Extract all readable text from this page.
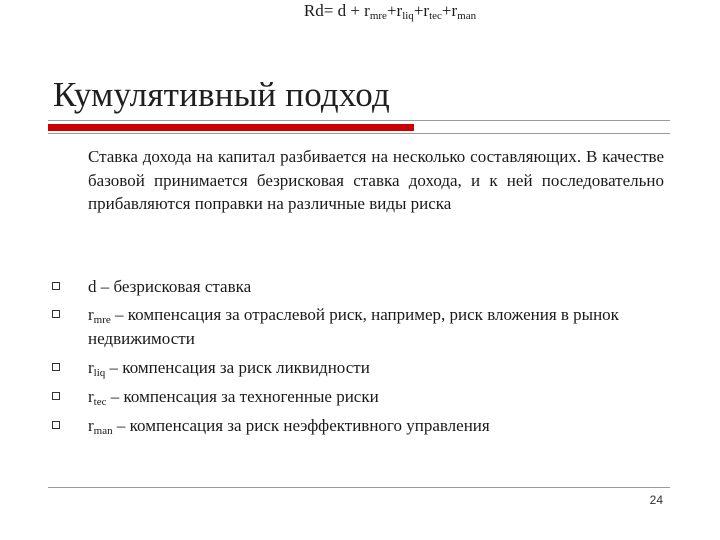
Кумулятивный подход
Ставка дохода на капитал разбивается на несколько составляющих. В качестве базовой принимается безрисковая ставка дохода, и к ней последовательно прибавляются поправки на различные виды риска
$Rd= d + r_{mre}+r_{liq}+r_{tec}+r_{man}$
d – безрисковая ставка
$r_{mre}$ – компенсация за отраслевой риск, например, риск вложения в рынок недвижимости
$r_{liq}$ – компенсация за риск ликвидности
$r_{tec}$ – компенсация за техногенные риски
$r_{man}$ – компенсация за риск неэффективного управления
24
